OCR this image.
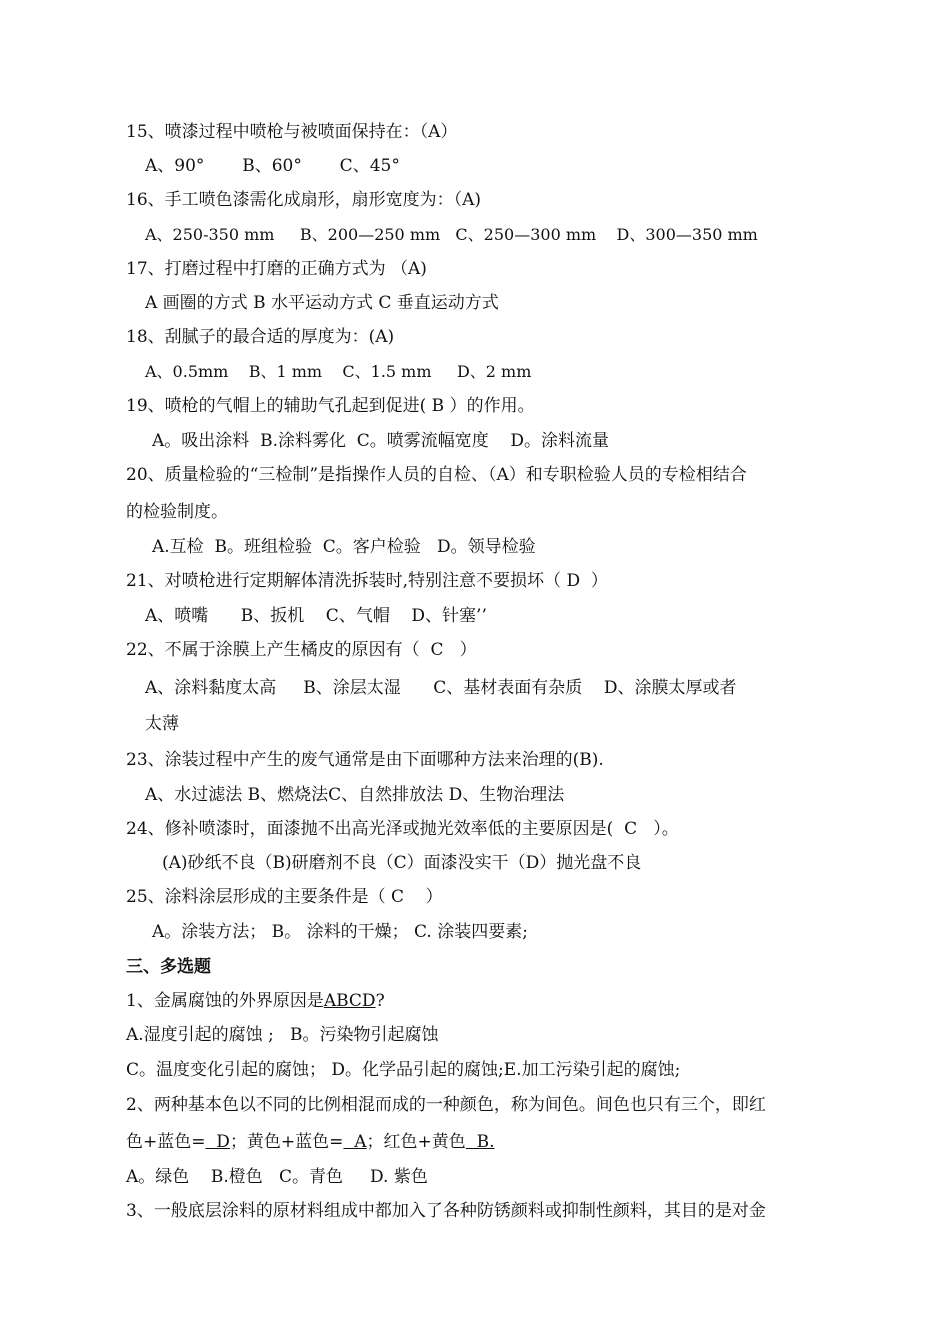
15、喷漆过程中喷枪与被喷面保持在：（A）
A、90°       B、60°       C、45°
16、手工喷色漆需化成扇形，扇形宽度为：（A)
A、250-350 mm     B、200—250 mm   C、250—300 mm    D、300—350 mm
17、打磨过程中打磨的正确方式为 （A)
A 画圈的方式 B 水平运动方式 C 垂直运动方式
18、刮腻子的最合适的厚度为：(A)
A、0.5mm    B、1 mm    C、1.5 mm     D、2 mm
19、喷枪的气帽上的辅助气孔起到促进( B ）的作用。
A。吸出涂料  B.涂料雾化  C。喷雾流幅宽度    D。涂料流量
20、质量检验的“三检制”是指操作人员的自检、（A）和专职检验人员的专检相结合
的检验制度。
A.互检  B。班组检验  C。客户检验   D。领导检验
21、对喷枪进行定期解体清洗拆装时,特别注意不要损坏（ D  ）
A、喷嘴      B、扳机    C、气帽    D、针塞’’
22、不属于涂膜上产生橘皮的原因有（  C   ）
A、涂料黏度太高     B、涂层太湿      C、基材表面有杂质    D、涂膜太厚或者
太薄
23、涂装过程中产生的废气通常是由下面哪种方法来治理的(B).
A、水过滤法 B、燃烧法C、自然排放法 D、生物治理法
24、修补喷漆时，面漆抛不出高光泽或抛光效率低的主要原因是(  C   ）。
(A)砂纸不良（B)研磨剂不良（C）面漆没实干（D）抛光盘不良
25、涂料涂层形成的主要条件是（ C    ）
A。涂装方法； B。 涂料的干燥； C. 涂装四要素;
三、多选题
1、金属腐蚀的外界原因是ABCD?
A.湿度引起的腐蚀 ;   B。污染物引起腐蚀
C。温度变化引起的腐蚀； D。化学品引起的腐蚀;E.加工污染引起的腐蚀;
2、两种基本色以不同的比例相混而成的一种颜色，称为间色。间色也只有三个，即红
色+蓝色=  D；黄色+蓝色=  A；红色+黄色  B.
A。绿色    B.橙色   C。青色     D. 紫色
3、一般底层涂料的原材料组成中都加入了各种防锈颜料或抑制性颜料，其目的是对金
